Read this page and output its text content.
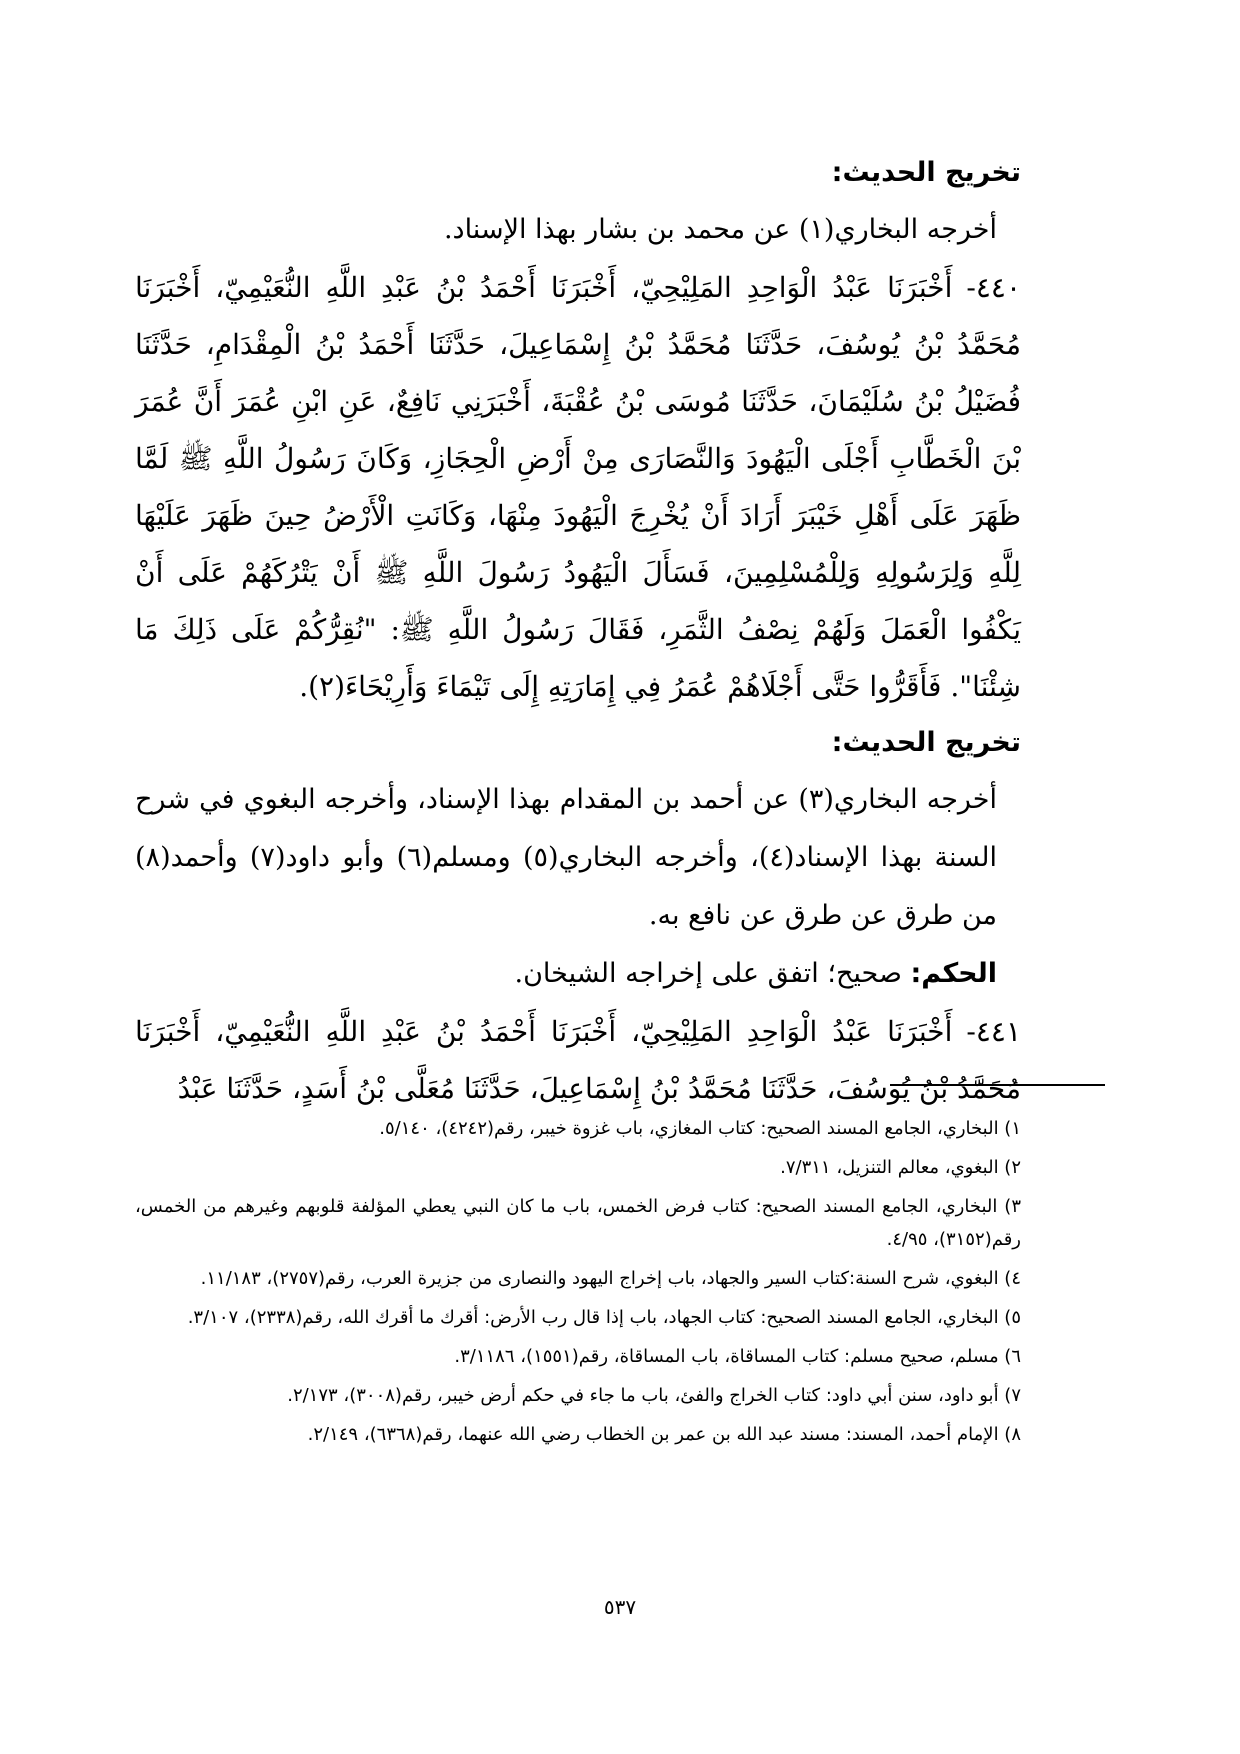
تخريج الحديث:

أخرجه البخاري(١) عن محمد بن بشار بهذا الإسناد.

٤٤٠-أَخْبَرَنَا عَبْدُ الْوَاحِدِ المَلِيْحِيّ، أَخْبَرَنَا أَحْمَدُ بْنُ عَبْدِ اللَّهِ النُّعَيْمِيّ، أَخْبَرَنَا مُحَمَّدُ بْنُ يُوسُفَ، حَدَّثَنَا مُحَمَّدُ بْنُ إِسْمَاعِيلَ، حَدَّثَنَا أَحْمَدُ بْنُ الْمِقْدَامِ، حَدَّثَنَا فُضَيْلُ بْنُ سُلَيْمَانَ، حَدَّثَنَا مُوسَى بْنُ عُقْبَةَ، أَخْبَرَنِي نَافِعٌ، عَنِ ابْنِ عُمَرَ أَنَّ عُمَرَ بْنَ الْخَطَّابِ أَجْلَى الْيَهُودَ وَالنَّصَارَى مِنْ أَرْضِ الْحِجَازِ، وَكَانَ رَسُولُ اللَّهِ ﷺ لَمَّا ظَهَرَ عَلَى أَهْلِ خَيْبَرَ أَرَادَ أَنْ يُخْرِجَ الْيَهُودَ مِنْهَا، وَكَانَتِ الْأَرْضُ حِينَ ظَهَرَ عَلَيْهَا لِلَّهِ وَلِرَسُولِهِ وَلِلْمُسْلِمِينَ، فَسَأَلَ الْيَهُودُ رَسُولَ اللَّهِ ﷺ أَنْ يَتْرُكَهُمْ عَلَى أَنْ يَكْفُوا الْعَمَلَ وَلَهُمْ نِصْفُ الثَّمَرِ، فَقَالَ رَسُولُ اللَّهِ ﷺ: "نُقِرُّكُمْ عَلَى ذَلِكَ مَا شِئْنَا". فَأَقَرُّوا حَتَّى أَجْلَاهُمْ عُمَرُ فِي إِمَارَتِهِ إِلَى تَيْمَاءَ وَأَرِيْحَاءَ(٢).

تخريج الحديث:

أخرجه البخاري(٣) عن أحمد بن المقدام بهذا الإسناد، وأخرجه البغوي في شرح السنة بهذا الإسناد(٤)، وأخرجه البخاري(٥) ومسلم(٦) وأبو داود(٧) وأحمد(٨) من طرق عن طرق عن نافع به.

الحكم: صحيح؛ اتفق على إخراجه الشيخان.

٤٤١-أَخْبَرَنَا عَبْدُ الْوَاحِدِ المَلِيْحِيّ، أَخْبَرَنَا أَحْمَدُ بْنُ عَبْدِ اللَّهِ النُّعَيْمِيّ، أَخْبَرَنَا مُحَمَّدُ بْنُ يُوسُفَ، حَدَّثَنَا مُحَمَّدُ بْنُ إِسْمَاعِيلَ، حَدَّثَنَا مُعَلَّى بْنُ أَسَدٍ، حَدَّثَنَا عَبْدُ

١) البخاري، الجامع المسند الصحيح: كتاب المغازي، باب غزوة خيبر، رقم(٤٢٤٢)، ٥/١٤٠.

٢) البغوي، معالم التنزيل، ٧/٣١١.

٣) البخاري، الجامع المسند الصحيح: كتاب فرض الخمس، باب ما كان النبي يعطي المؤلفة قلوبهم وغيرهم من الخمس، رقم(٣١٥٢)، ٤/٩٥.

٤) البغوي، شرح السنة:كتاب السير والجهاد، باب إخراج اليهود والنصارى من جزيرة العرب، رقم(٢٧٥٧)، ١١/١٨٣.

٥) البخاري، الجامع المسند الصحيح: كتاب الجهاد، باب إذا قال رب الأرض: أقرك ما أقرك الله، رقم(٢٣٣٨)، ٣/١٠٧.

٦) مسلم، صحيح مسلم: كتاب المساقاة، باب المساقاة، رقم(١٥٥١)، ٣/١١٨٦.

٧) أبو داود، سنن أبي داود: كتاب الخراج والفئ، باب ما جاء في حكم أرض خيبر، رقم(٣٠٠٨)، ٢/١٧٣.

٨) الإمام أحمد، المسند: مسند عبد الله بن عمر بن الخطاب رضي الله عنهما، رقم(٦٣٦٨)، ٢/١٤٩.

٥٣٧
